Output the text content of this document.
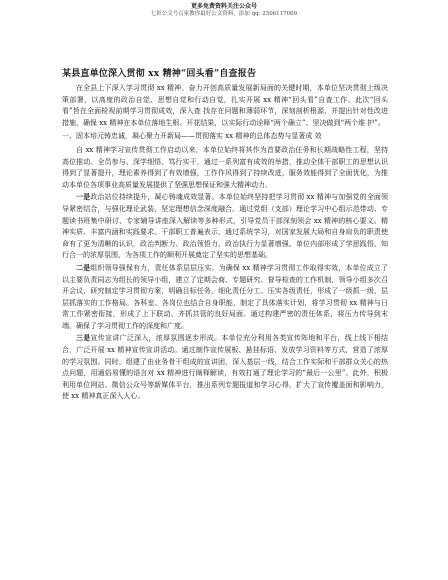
更多免费资料关注公众号
七彩公文号百家教你最好公文资料，添加 qq: 2506117009
某县直单位深入贯彻 xx 精神“回头看”自查报告

在全县上下深入学习贯彻 xx 精神、奋力开创高质量发展新局面的关键时期，本单位坚决贯彻上级决策部署，以高度的政治自觉、思想自觉和行动自觉，扎实开展 xx 精神“回头看”自查工作。此次“回头看”旨在全面检视前期学习贯彻成效，深入查 找存在问题和薄弱环节，深刻剖析根源，并提出针对性改进措施，确保 xx 精神在本单位落地生根、开花结果，以实际行动诠释“两个确立”、坚决做到“两个维 护”。

一、固本培元铸忠诚，凝心聚力开新局——贯彻落实 xx 精神的总体态势与显著成 效

自 xx 精神学习宣传贯彻工作启动以来，本单位始终将其作为首要政治任务和长期战略性工程，坚持高位推动、全员参与、深学细悟、笃行实干，通过一系列富有成效的举措，推动全体干部职工的思想认识得到了显著提升，理论素养得到了有效增强，工作作风得到了持续改进，服务效能得到了全面优化，为推动本单位各项事业高质量发展提供了坚强思想保证和强大精神动力。

一是政治站位持续提升，凝心铸魂成效显著。本单位始终坚持把学习贯彻 xx 精神与加强党的全面领导紧密结合，与强化理论武装、坚定理想信念深度融合。通过党组（支部）理论学习中心组示范带动、专题读书班集中研讨、专家辅导讲座深入解读等多种形式，引导党员干部深刻领会 xx 精神的核心要义。精神实质、丰富内涵和实践要求。干部职工普遍表示，通过系统学习，对国家发展大局和自身肩负的职责使命有了更为清晰的认识，政治判断力、政治领悟力、政治执行力显著增强。单位内部形成了学思践悟、知行合一的浓厚氛围，为各项工作的顺利开展奠定了坚实的思想基础。

二是组织领导强保有力，责任体系层层压实。为确保 xx 精神学习贯彻工作取得实效，本单位成立了以主要负责同志为组长的领导小组，建立了定期会商、专题研究、督导检查的工作机制，领导小组多次召开会议，研究制定学习贯彻方案，明确目标任务，细化责任分工。压实各级责任，形成了一级抓一级、层层抓落实的工作格局。各科室、各岗位也结合自身职能，制定了具体落实计划，将学习贯彻 xx 精神与日常工作紧密衔接，形成了上下联动、齐抓共管的良好局面。通过构建严密的责任体系，将压力传导到末端，确保了学习贯彻工作的深度和广度。

三是宣传宣讲广泛深入，浓厚氛围逐步形成。本单位充分利用各类宣传阵地和平台，线上线下相结合，广泛开展 xx 精神宣传宣讲活动。通过制作宣传展板、悬挂标语、发放学习资料等方式，营造了浓厚的学习氛围。同时，组建了由业务骨干组成的宣讲团，深入基层一线，结合工作实际和干部群众关心的热点问题，用通俗易懂的语言对 xx 精神进行阐释解读，有效打通了理论学习的“最后一公里”。此外，积极利用单位网站、微信公众号等新媒体平台，推出系列专题报道和学习心得，扩大了宣传覆盖面和影响力，使 xx 精神真正深入人心。
